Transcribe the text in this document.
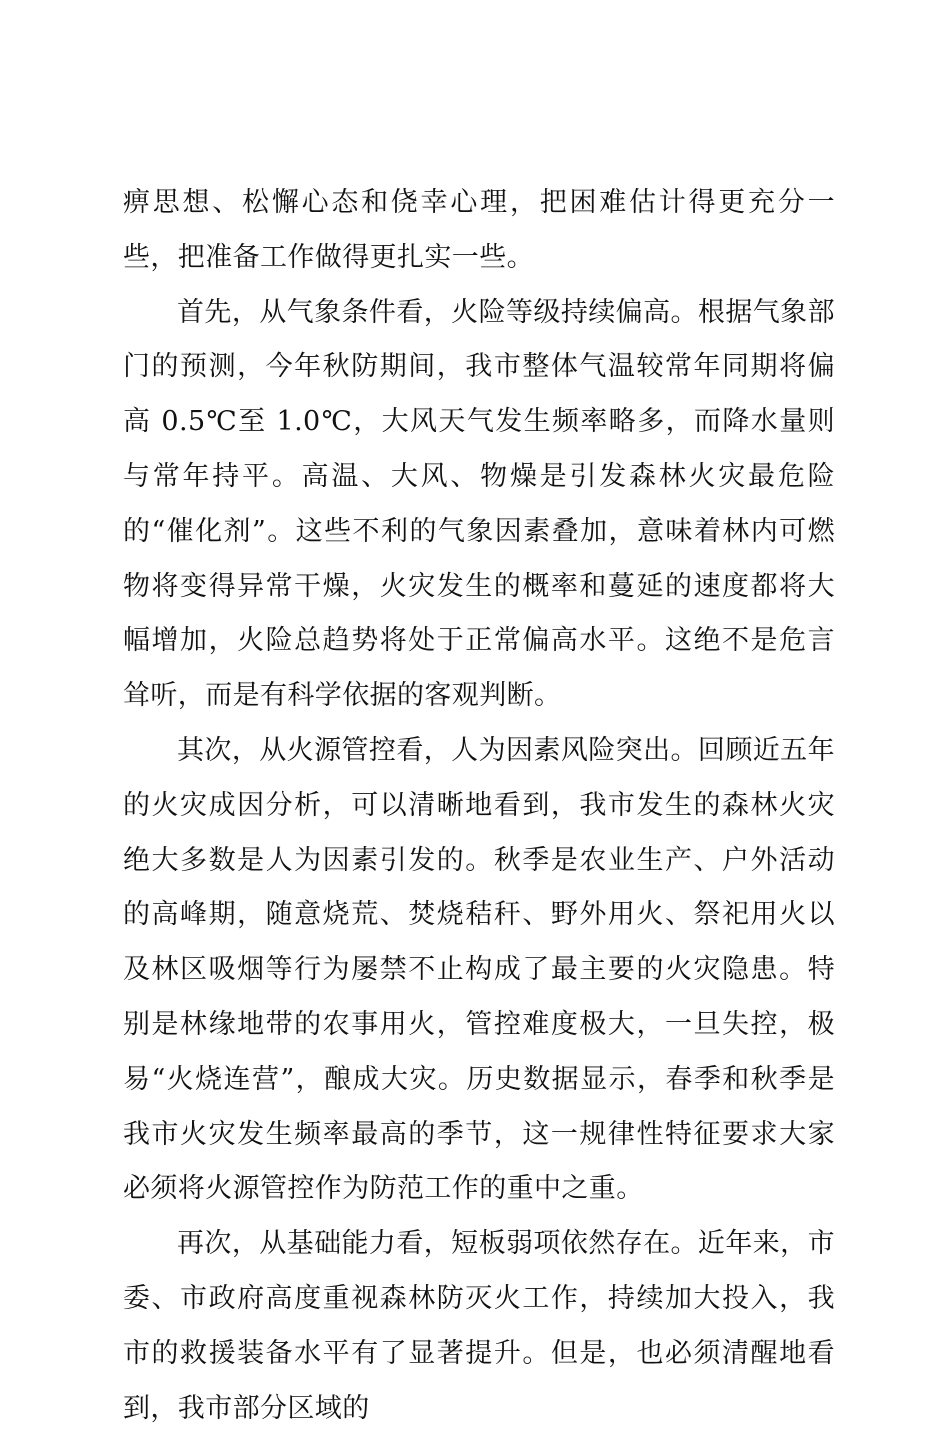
痹思想、松懈心态和侥幸心理，把困难估计得更充分一些，把准备工作做得更扎实一些。

首先，从气象条件看，火险等级持续偏高。根据气象部门的预测，今年秋防期间，我市整体气温较常年同期将偏高 0.5℃至 1.0℃，大风天气发生频率略多，而降水量则与常年持平。高温、大风、物燥是引发森林火灾最危险的“催化剂”。这些不利的气象因素叠加，意味着林内可燃物将变得异常干燥，火灾发生的概率和蔓延的速度都将大幅增加，火险总趋势将处于正常偏高水平。这绝不是危言耸听，而是有科学依据的客观判断。

其次，从火源管控看，人为因素风险突出。回顾近五年的火灾成因分析，可以清晰地看到，我市发生的森林火灾绝大多数是人为因素引发的。秋季是农业生产、户外活动的高峰期，随意烧荒、焚烧秸秆、野外用火、祭祀用火以及林区吸烟等行为屡禁不止构成了最主要的火灾隐患。特别是林缘地带的农事用火，管控难度极大，一旦失控，极易“火烧连营”，酿成大灾。历史数据显示，春季和秋季是我市火灾发生频率最高的季节，这一规律性特征要求大家必须将火源管控作为防范工作的重中之重。

再次，从基础能力看，短板弱项依然存在。近年来，市委、市政府高度重视森林防灭火工作，持续加大投入，我市的救援装备水平有了显著提升。但是，也必须清醒地看到，我市部分区域的
